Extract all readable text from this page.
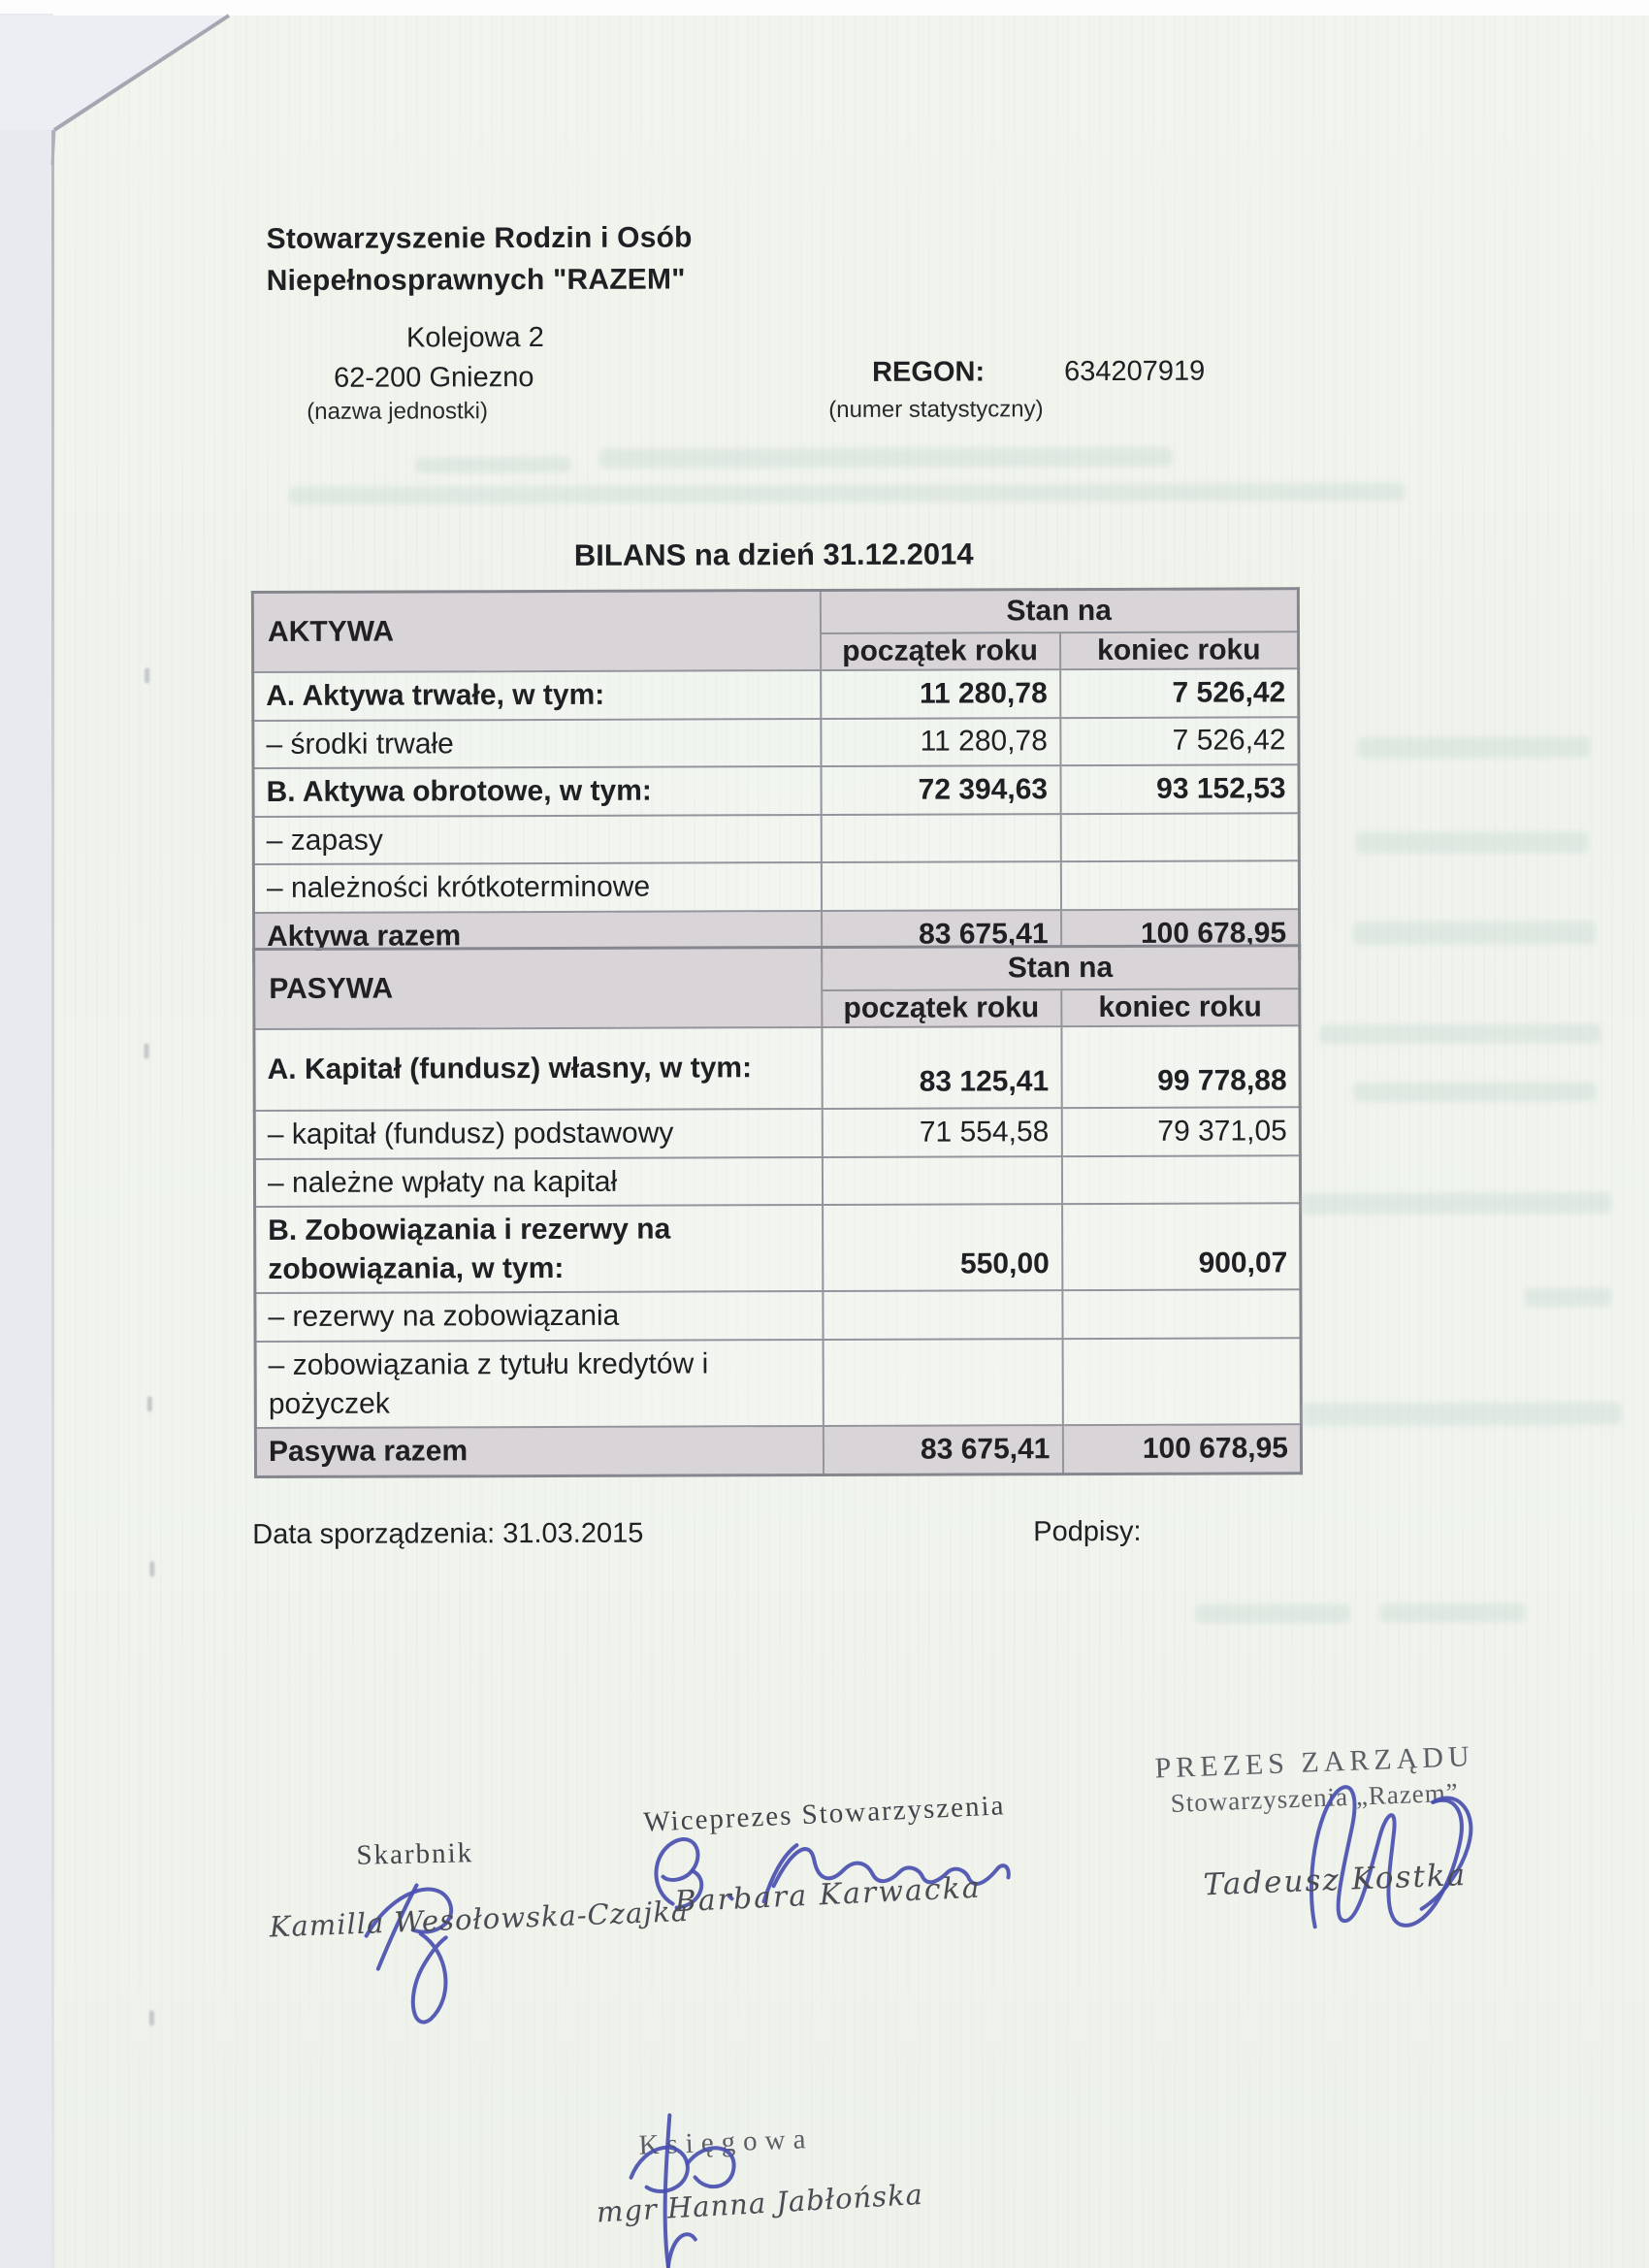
Stowarzyszenie Rodzin i Osób
Niepełnosprawnych "RAZEM"
Kolejowa 2
62-200 Gniezno
(nazwa jednostki)
REGON:	634207919
(numer statystyczny)
BILANS na dzień 31.12.2014
AKTYWA	Stan na	
	początek roku	koniec roku
A. Aktywa trwałe, w tym:	11 280,78	7 526,42
– środki trwałe	11 280,78	7 526,42
B. Aktywa obrotowe, w tym:	72 394,63	93 152,53
– zapasy		
– należności krótkoterminowe		
Aktywa razem	83 675,41	100 678,95
PASYWA	Stan na	
	początek roku	koniec roku
A. Kapitał (fundusz) własny, w tym:	83 125,41	99 778,88
– kapitał (fundusz) podstawowy	71 554,58	79 371,05
– należne wpłaty na kapitał		
B. Zobowiązania i rezerwy na zobowiązania, w tym:	550,00	900,07
– rezerwy na zobowiązania		
– zobowiązania z tytułu kredytów i pożyczek		
Pasywa razem	83 675,41	100 678,95
Data sporządzenia: 31.03.2015	Podpisy:
PREZES ZARZĄDU
Stowarzyszenia „Razem”
Tadeusz Kostka
Wiceprezes Stowarzyszenia
Barbara Karwacka
Skarbnik
Kamilla Wesołowska-Czajka
Księgowa
mgr Hanna Jabłońska
